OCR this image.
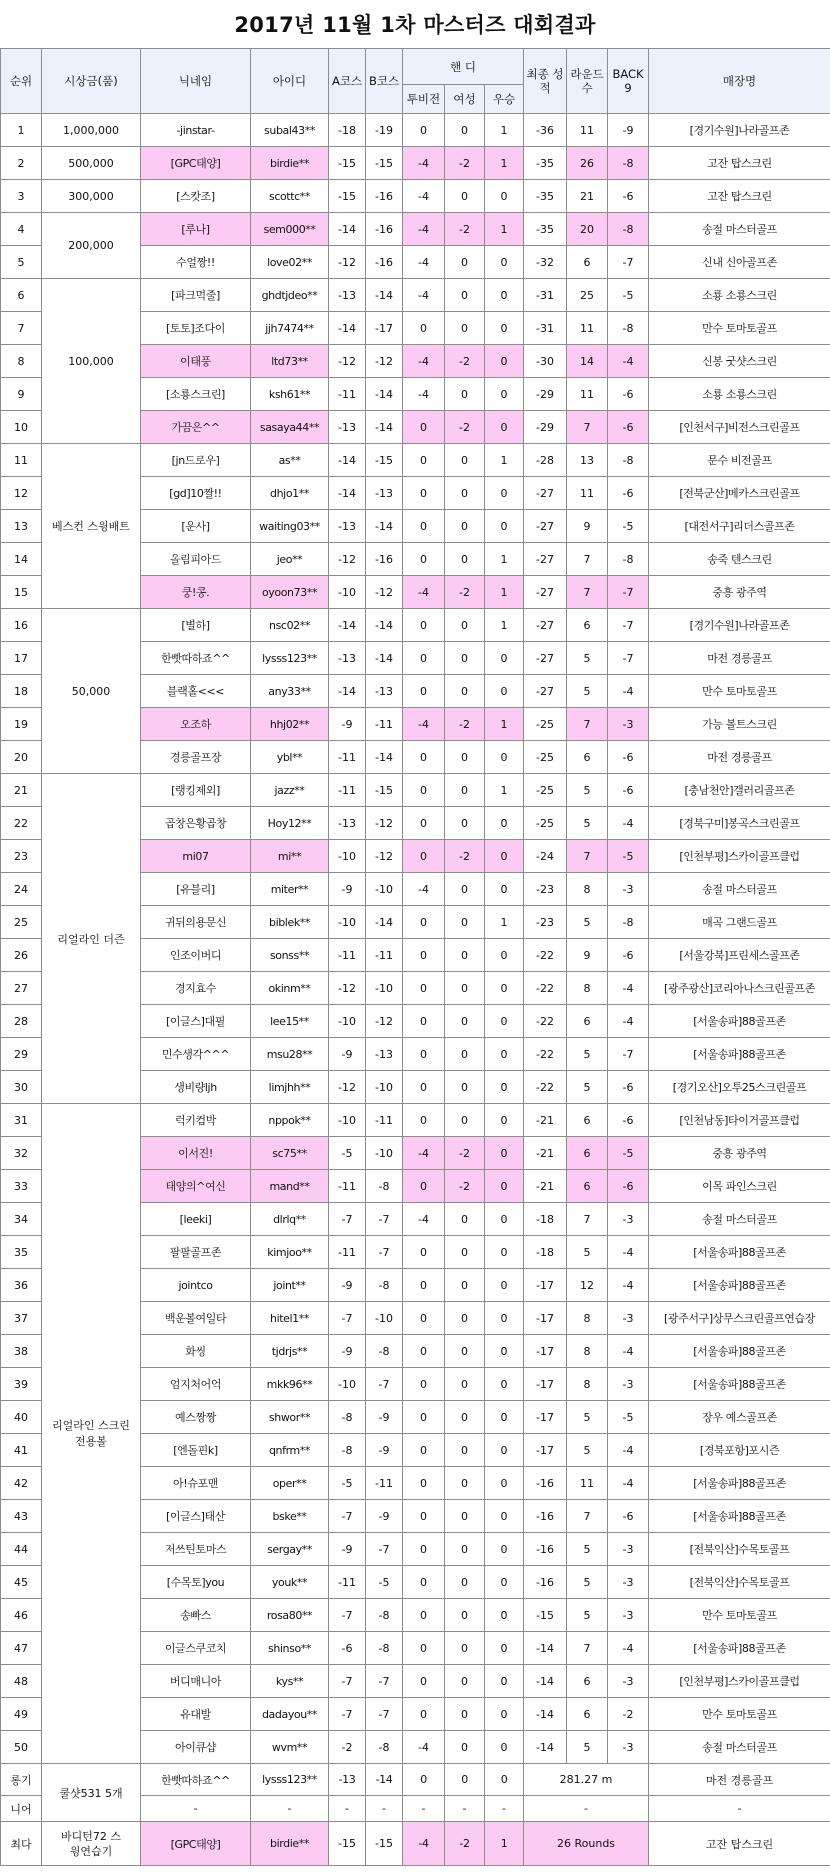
2017년 11월 1차 마스터즈 대회결과
순위	시상금(품)	닉네임	아이디	A코스	B코스	핸 디			최종 성적	라운드 수	BACK 9	매장명
						투비전	여성	우승				
1	1,000,000	-jinstar-	subal43**	-18	-19	0	0	1	-36	11	-9	[경기수원]나라골프존
2	500,000	[GPC태양]	birdie**	-15	-15	-4	-2	1	-35	26	-8	고잔 탑스크린
3	300,000	[스캇조]	scottc**	-15	-16	-4	0	0	-35	21	-6	고잔 탑스크린
4	200,000	[루나]	sem000**	-14	-16	-4	-2	1	-35	20	-8	송절 마스터골프
5		수얼짱!!	love02**	-12	-16	-4	0	0	-32	6	-7	신내 신아골프존
6	100,000	[파크먹줄]	ghdtjdeo**	-13	-14	-4	0	0	-31	25	-5	소룡 소룡스크린
7		[토토]조다이	jjh7474**	-14	-17	0	0	0	-31	11	-8	만수 토마토골프
8		이태풍	ltd73**	-12	-12	-4	-2	0	-30	14	-4	신봉 굿샷스크린
9		[소룡스크린]	ksh61**	-11	-14	-4	0	0	-29	11	-6	소룡 소룡스크린
10		가끔은^^	sasaya44**	-13	-14	0	-2	0	-29	7	-6	[인천서구]비전스크린골프
11	베스컨 스윙배트	[jn드로우]	as**	-14	-15	0	0	1	-28	13	-8	문수 비전골프
12		[gd]10짤!!	dhjo1**	-14	-13	0	0	0	-27	11	-6	[전북군산]메카스크린골프
13		[운사]	waiting03**	-13	-14	0	0	0	-27	9	-5	[대전서구]리더스골프존
14		올림피아드	jeo**	-12	-16	0	0	1	-27	7	-8	송죽 텐스크린
15		쿵!콩.	oyoon73**	-10	-12	-4	-2	1	-27	7	-7	중흥 광주역
16	50,000	[별하]	nsc02**	-14	-14	0	0	1	-27	6	-7	[경기수원]나라골프존
17		한빳따하죠^^	lysss123**	-13	-14	0	0	0	-27	5	-7	마전 경릉골프
18		블랙홀<<<	any33**	-14	-13	0	0	0	-27	5	-4	만수 토마토골프
19		오조하	hhj02**	-9	-11	-4	-2	1	-25	7	-3	가능 볼트스크린
20		경릉골프장	ybl**	-11	-14	0	0	0	-25	6	-6	마전 경릉골프
21	리얼라인 더즌	[랭킹제외]	jazz**	-11	-15	0	0	1	-25	5	-6	[충남천안]갤러리골프존
22		곱창은황곱창	Hoy12**	-13	-12	0	0	0	-25	5	-4	[경북구미]봉곡스크린골프
23		mi07	mi**	-10	-12	0	-2	0	-24	7	-5	[인천부평]스카이골프클럽
24		[유블리]	miter**	-9	-10	-4	0	0	-23	8	-3	송절 마스터골프
25		귀뒤의용문신	biblek**	-10	-14	0	0	1	-23	5	-8	매곡 그랜드골프
26		인조이버디	sonss**	-11	-11	0	0	0	-22	9	-6	[서울강북]프린세스골프존
27		경지효수	okinm**	-12	-10	0	0	0	-22	8	-4	[광주광산]코리아나스크린골프존
28		[이글스]대필	lee15**	-10	-12	0	0	0	-22	6	-4	[서울송파]88골프존
29		민수생각^^^	msu28**	-9	-13	0	0	0	-22	5	-7	[서울송파]88골프존
30		생비량ljh	limjhh**	-12	-10	0	0	0	-22	5	-6	[경기오산]오투25스크린골프
31	리얼라인 스크린 전용볼	럭키컴박	nppok**	-10	-11	0	0	0	-21	6	-6	[인천남동]타이거골프클럽
32		이서진!	sc75**	-5	-10	-4	-2	0	-21	6	-5	중흥 광주역
33		태양의^여신	mand**	-11	-8	0	-2	0	-21	6	-6	이목 파인스크린
34		[leeki]	dlrlq**	-7	-7	-4	0	0	-18	7	-3	송절 마스터골프
35		팔팔골프존	kimjoo**	-11	-7	0	0	0	-18	5	-4	[서울송파]88골프존
36		jointco	joint**	-9	-8	0	0	0	-17	12	-4	[서울송파]88골프존
37		백운볼여일타	hitel1**	-7	-10	0	0	0	-17	8	-3	[광주서구]상무스크린골프연습장
38		화씽	tjdrjs**	-9	-8	0	0	0	-17	8	-4	[서울송파]88골프존
39		엄지처어억	mkk96**	-10	-7	0	0	0	-17	8	-3	[서울송파]88골프존
40		예스짱짱	shwor**	-8	-9	0	0	0	-17	5	-5	장우 예스골프존
41		[엔돌핀k]	qnfrm**	-8	-9	0	0	0	-17	5	-4	[경북포항]포시즌
42		아!슈포맨	oper**	-5	-11	0	0	0	-16	11	-4	[서울송파]88골프존
43		[이글스]태산	bske**	-7	-9	0	0	0	-16	7	-6	[서울송파]88골프존
44		저쓰틴토마스	sergay**	-9	-7	0	0	0	-16	5	-3	[전북익산]수목토골프
45		[수목토]you	youk**	-11	-5	0	0	0	-16	5	-3	[전북익산]수목토골프
46		송빠스	rosa80**	-7	-8	0	0	0	-15	5	-3	만수 토마토골프
47		이글스쿠코치	shinso**	-6	-8	0	0	0	-14	7	-4	[서울송파]88골프존
48		버디매니아	kys**	-7	-7	0	0	0	-14	6	-3	[인천부평]스카이골프클럽
49		유대발	dadayou**	-7	-7	0	0	0	-14	6	-2	만수 토마토골프
50		아이큐샵	wvm**	-2	-8	-4	0	0	-14	5	-3	송절 마스터골프
롱기	쿨샷531 5개	한빳따하죠^^	lysss123**	-13	-14	0	0	0	281.27 m			마전 경릉골프
니어		-	-	-	-	-	-	-	-			-
최다	바디턴72 스윙연습기	[GPC태양]	birdie**	-15	-15	-4	-2	1	26 Rounds			고잔 탑스크린
